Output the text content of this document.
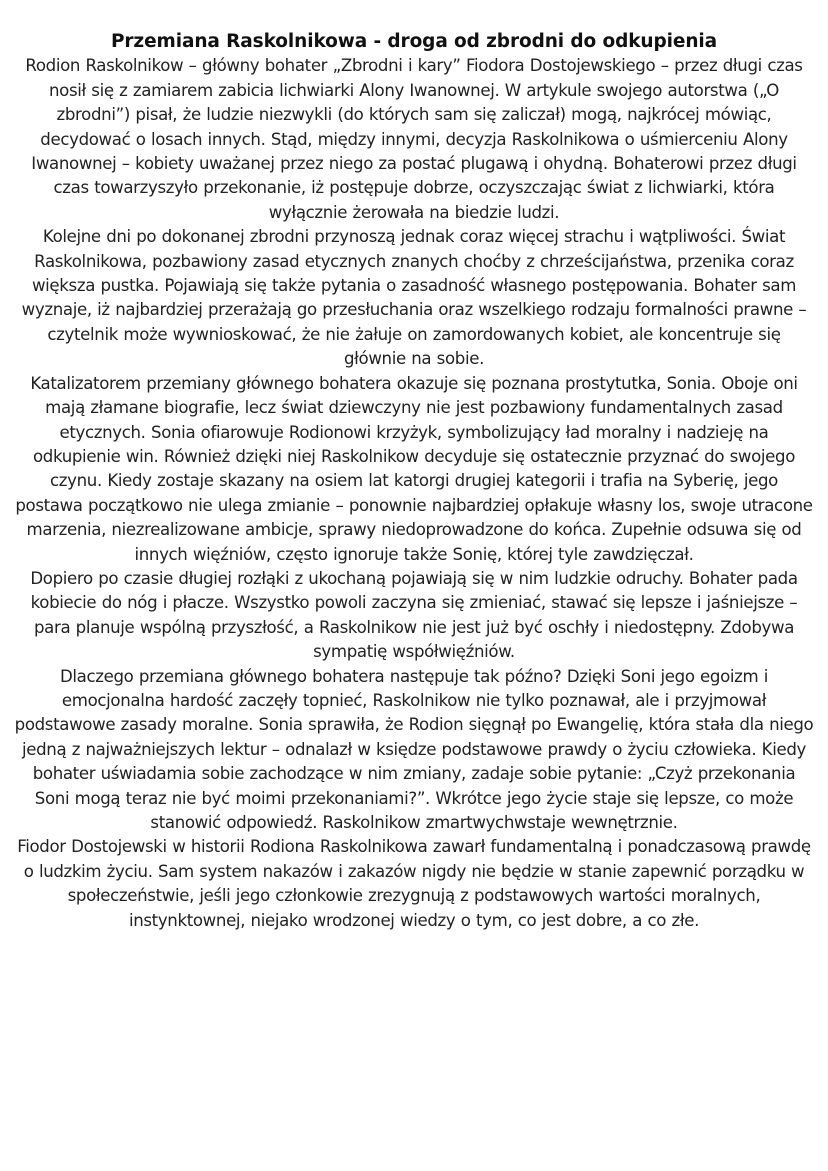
Przemiana Raskolnikowa - droga od zbrodni do odkupienia

Rodion Raskolnikow – główny bohater „Zbrodni i kary” Fiodora Dostojewskiego – przez długi czas nosił się z zamiarem zabicia lichwiarki Alony Iwanownej. W artykule swojego autorstwa („O zbrodni”) pisał, że ludzie niezwykli (do których sam się zaliczał) mogą, najkrócej mówiąc, decydować o losach innych. Stąd, między innymi, decyzja Raskolnikowa o uśmierceniu Alony Iwanownej – kobiety uważanej przez niego za postać plugawą i ohydną. Bohaterowi przez długi czas towarzyszyło przekonanie, iż postępuje dobrze, oczyszczając świat z lichwiarki, która wyłącznie żerowała na biedzie ludzi.

Kolejne dni po dokonanej zbrodni przynoszą jednak coraz więcej strachu i wątpliwości. Świat Raskolnikowa, pozbawiony zasad etycznych znanych choćby z chrześcijaństwa, przenika coraz większa pustka. Pojawiają się także pytania o zasadność własnego postępowania. Bohater sam wyznaje, iż najbardziej przerażają go przesłuchania oraz wszelkiego rodzaju formalności prawne – czytelnik może wywnioskować, że nie żałuje on zamordowanych kobiet, ale koncentruje się głównie na sobie.

Katalizatorem przemiany głównego bohatera okazuje się poznana prostytutka, Sonia. Oboje oni mają złamane biografie, lecz świat dziewczyny nie jest pozbawiony fundamentalnych zasad etycznych. Sonia ofiarowuje Rodionowi krzyżyk, symbolizujący ład moralny i nadzieję na odkupienie win. Również dzięki niej Raskolnikow decyduje się ostatecznie przyznać do swojego czynu. Kiedy zostaje skazany na osiem lat katorgi drugiej kategorii i trafia na Syberię, jego postawa początkowo nie ulega zmianie – ponownie najbardziej opłakuje własny los, swoje utracone marzenia, niezrealizowane ambicje, sprawy niedoprowadzone do końca. Zupełnie odsuwa się od innych więźniów, często ignoruje także Sonię, której tyle zawdzięczał.

Dopiero po czasie długiej rozłąki z ukochaną pojawiają się w nim ludzkie odruchy. Bohater pada kobiecie do nóg i płacze. Wszystko powoli zaczyna się zmieniać, stawać się lepsze i jaśniejsze – para planuje wspólną przyszłość, a Raskolnikow nie jest już być oschły i niedostępny. Zdobywa sympatię współwięźniów.

Dlaczego przemiana głównego bohatera następuje tak późno? Dzięki Soni jego egoizm i emocjonalna hardość zaczęły topnieć, Raskolnikow nie tylko poznawał, ale i przyjmował podstawowe zasady moralne. Sonia sprawiła, że Rodion sięgnął po Ewangelię, która stała dla niego jedną z najważniejszych lektur – odnalazł w księdze podstawowe prawdy o życiu człowieka. Kiedy bohater uświadamia sobie zachodzące w nim zmiany, zadaje sobie pytanie: „Czyż przekonania Soni mogą teraz nie być moimi przekonaniami?”. Wkrótce jego życie staje się lepsze, co może stanowić odpowiedź. Raskolnikow zmartwychwstaje wewnętrznie.

Fiodor Dostojewski w historii Rodiona Raskolnikowa zawarł fundamentalną i ponadczasową prawdę o ludzkim życiu. Sam system nakazów i zakazów nigdy nie będzie w stanie zapewnić porządku w społeczeństwie, jeśli jego członkowie zrezygnują z podstawowych wartości moralnych, instynktownej, niejako wrodzonej wiedzy o tym, co jest dobre, a co złe.
